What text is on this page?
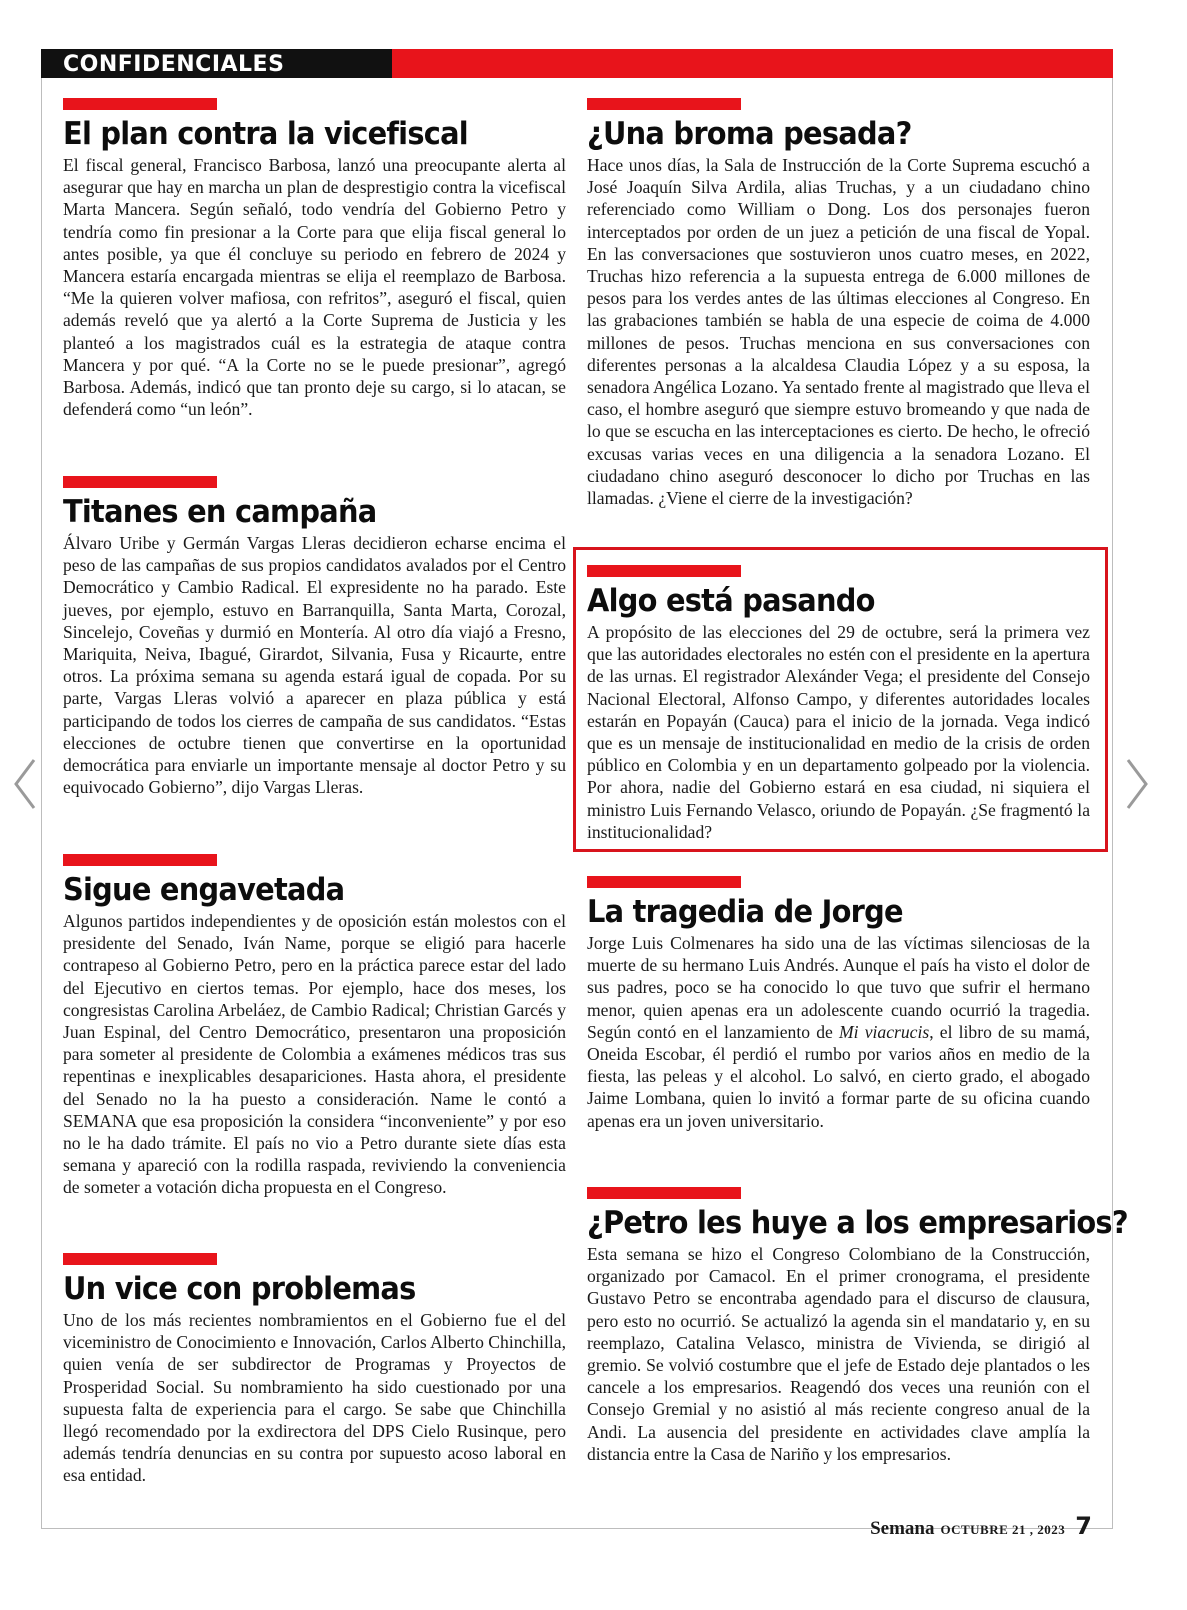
CONFIDENCIALES
El plan contra la vicefiscal

El fiscal general, Francisco Barbosa, lanzó una preocupante alerta al asegurar que hay en marcha un plan de desprestigio contra la vicefiscal Marta Mancera. Según señaló, todo vendría del Gobierno Petro y tendría como fin presionar a la Corte para que elija fiscal general lo antes posible, ya que él concluye su periodo en febrero de 2024 y Mancera estaría encargada mientras se elija el reemplazo de Barbosa. “Me la quieren volver mafiosa, con refritos”, aseguró el fiscal, quien además reveló que ya alertó a la Corte Suprema de Justicia y les planteó a los magistrados cuál es la estrategia de ataque contra Mancera y por qué. “A la Corte no se le puede presionar”, agregó Barbosa. Además, indicó que tan pronto deje su cargo, si lo atacan, se defenderá como “un león”.

Titanes en campaña

Álvaro Uribe y Germán Vargas Lleras decidieron echarse encima el peso de las campañas de sus propios candidatos avalados por el Centro Democrático y Cambio Radical. El expresidente no ha parado. Este jueves, por ejemplo, estuvo en Barranquilla, Santa Marta, Corozal, Sincelejo, Coveñas y durmió en Montería. Al otro día viajó a Fresno, Mariquita, Neiva, Ibagué, Girardot, Silvania, Fusa y Ricaurte, entre otros. La próxima semana su agenda estará igual de copada. Por su parte, Vargas Lleras volvió a aparecer en plaza pública y está participando de todos los cierres de campaña de sus candidatos. “Estas elecciones de octubre tienen que convertirse en la oportunidad democrática para enviarle un importante mensaje al doctor Petro y su equivocado Gobierno”, dijo Vargas Lleras.

Sigue engavetada

Algunos partidos independientes y de oposición están molestos con el presidente del Senado, Iván Name, porque se eligió para hacerle contrapeso al Gobierno Petro, pero en la práctica parece estar del lado del Ejecutivo en ciertos temas. Por ejemplo, hace dos meses, los congresistas Carolina Arbeláez, de Cambio Radical; Christian Garcés y Juan Espinal, del Centro Democrático, presentaron una proposición para someter al presidente de Colombia a exámenes médicos tras sus repentinas e inexplicables desapariciones. Hasta ahora, el presidente del Senado no la ha puesto a consideración. Name le contó a SEMANA que esa proposición la considera “inconveniente” y por eso no le ha dado trámite. El país no vio a Petro durante siete días esta semana y apareció con la rodilla raspada, reviviendo la conveniencia de someter a votación dicha propuesta en el Congreso.

Un vice con problemas

Uno de los más recientes nombramientos en el Gobierno fue el del viceministro de Conocimiento e Innovación, Carlos Alberto Chinchilla, quien venía de ser subdirector de Programas y Proyectos de Prosperidad Social. Su nombramiento ha sido cuestionado por una supuesta falta de experiencia para el cargo. Se sabe que Chinchilla llegó recomendado por la exdirectora del DPS Cielo Rusinque, pero además tendría denuncias en su contra por supuesto acoso laboral en esa entidad.

¿Una broma pesada?

Hace unos días, la Sala de Instrucción de la Corte Suprema escuchó a José Joaquín Silva Ardila, alias Truchas, y a un ciudadano chino referenciado como William o Dong. Los dos personajes fueron interceptados por orden de un juez a petición de una fiscal de Yopal. En las conversaciones que sostuvieron unos cuatro meses, en 2022, Truchas hizo referencia a la supuesta entrega de 6.000 millones de pesos para los verdes antes de las últimas elecciones al Congreso. En las grabaciones también se habla de una especie de coima de 4.000 millones de pesos. Truchas menciona en sus conversaciones con diferentes personas a la alcaldesa Claudia López y a su esposa, la senadora Angélica Lozano. Ya sentado frente al magistrado que lleva el caso, el hombre aseguró que siempre estuvo bromeando y que nada de lo que se escucha en las interceptaciones es cierto. De hecho, le ofreció excusas varias veces en una diligencia a la senadora Lozano. El ciudadano chino aseguró desconocer lo dicho por Truchas en las llamadas. ¿Viene el cierre de la investigación?

Algo está pasando

A propósito de las elecciones del 29 de octubre, será la primera vez que las autoridades electorales no estén con el presidente en la apertura de las urnas. El registrador Alexánder Vega; el presidente del Consejo Nacional Electoral, Alfonso Campo, y diferentes autoridades locales estarán en Popayán (Cauca) para el inicio de la jornada. Vega indicó que es un mensaje de institucionalidad en medio de la crisis de orden público en Colombia y en un departamento golpeado por la violencia. Por ahora, nadie del Gobierno estará en esa ciudad, ni siquiera el ministro Luis Fernando Velasco, oriundo de Popayán. ¿Se fragmentó la institucionalidad?

La tragedia de Jorge

Jorge Luis Colmenares ha sido una de las víctimas silenciosas de la muerte de su hermano Luis Andrés. Aunque el país ha visto el dolor de sus padres, poco se ha conocido lo que tuvo que sufrir el hermano menor, quien apenas era un adolescente cuando ocurrió la tragedia. Según contó en el lanzamiento de Mi viacrucis, el libro de su mamá, Oneida Escobar, él perdió el rumbo por varios años en medio de la fiesta, las peleas y el alcohol. Lo salvó, en cierto grado, el abogado Jaime Lombana, quien lo invitó a formar parte de su oficina cuando apenas era un joven universitario.

¿Petro les huye a los empresarios?

Esta semana se hizo el Congreso Colombiano de la Construcción, organizado por Camacol. En el primer cronograma, el presidente Gustavo Petro se encontraba agendado para el discurso de clausura, pero esto no ocurrió. Se actualizó la agenda sin el mandatario y, en su reemplazo, Catalina Velasco, ministra de Vivienda, se dirigió al gremio. Se volvió costumbre que el jefe de Estado deje plantados o les cancele a los empresarios. Reagendó dos veces una reunión con el Consejo Gremial y no asistió al más reciente congreso anual de la Andi. La ausencia del presidente en actividades clave amplía la distancia entre la Casa de Nariño y los empresarios.

Semana OCTUBRE 21 , 2023 7
